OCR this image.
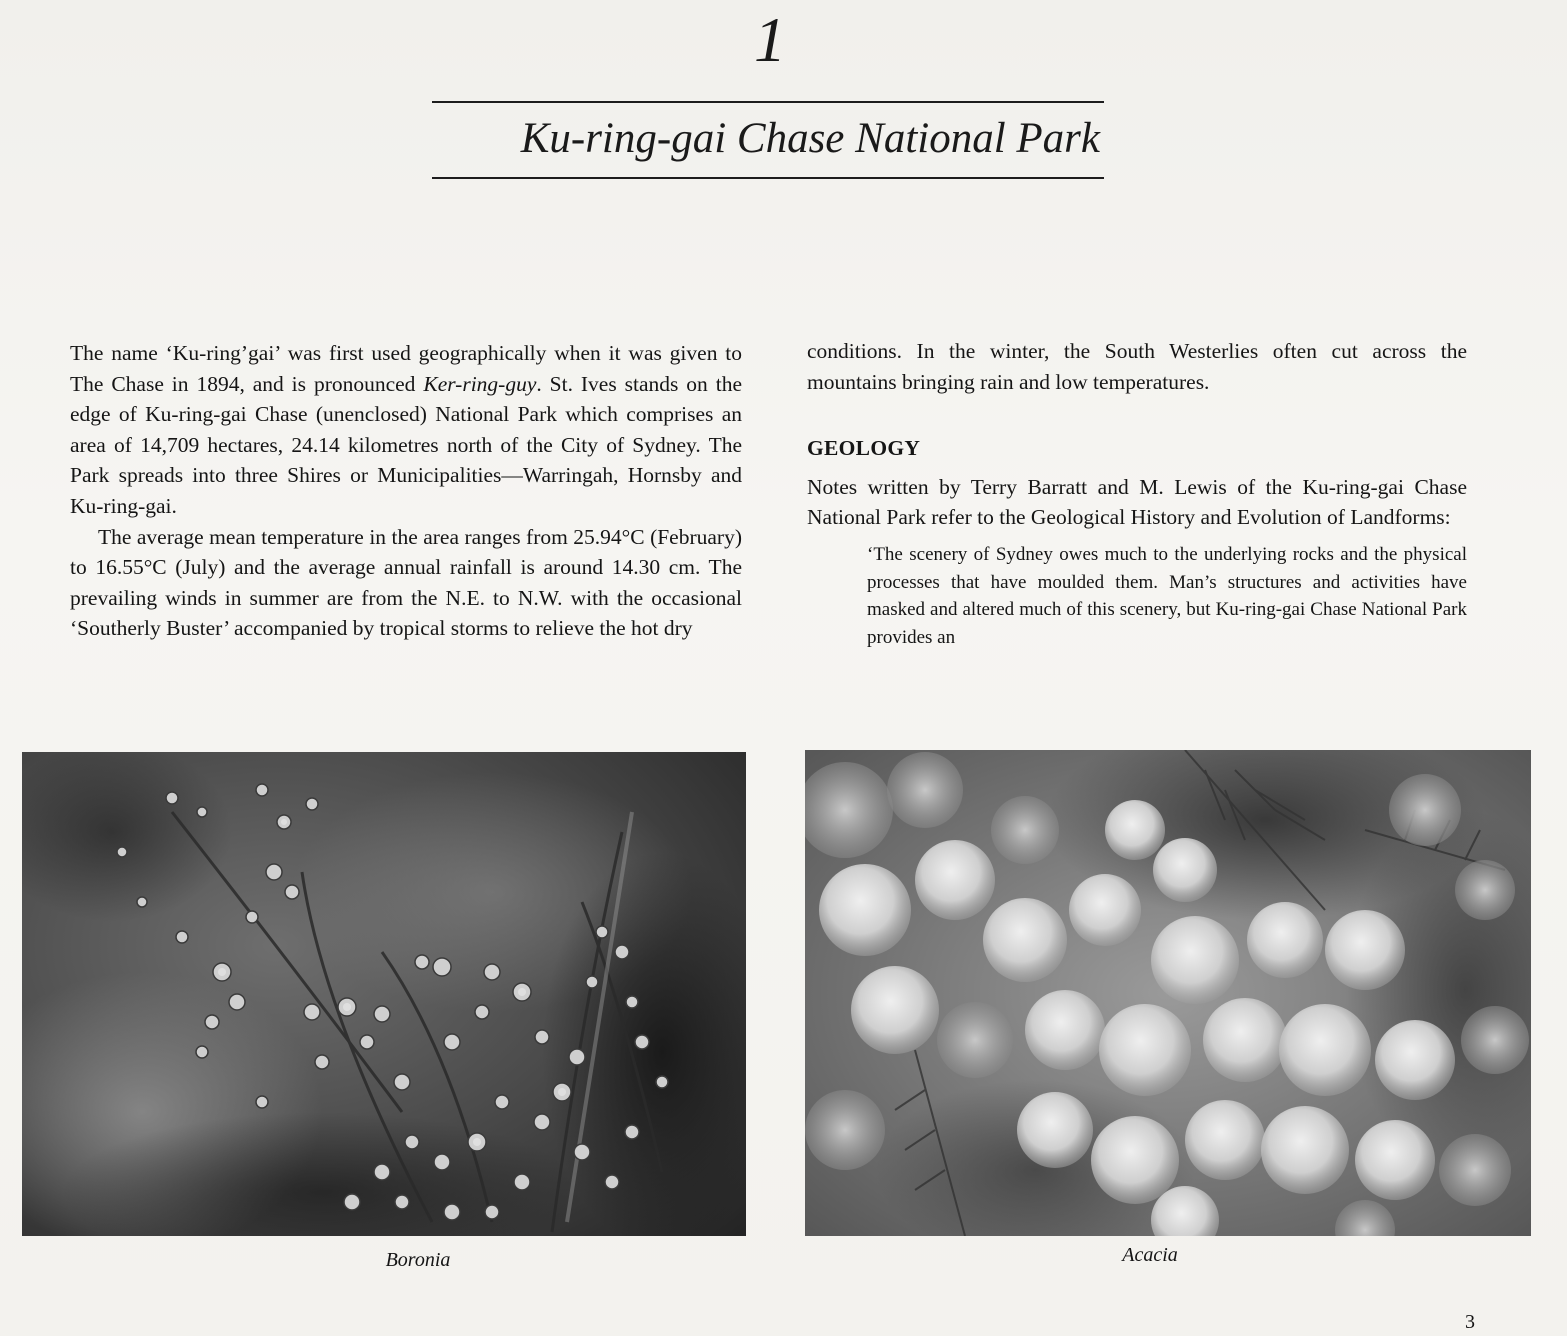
1
Ku-ring-gai Chase National Park

The name ‘Ku-ring’gai’ was first used geographically when it was given to The Chase in 1894, and is pronounced Ker-ring-guy. St. Ives stands on the edge of Ku-ring-gai Chase (unenclosed) National Park which comprises an area of 14,709 hectares, 24.14 kilometres north of the City of Sydney. The Park spreads into three Shires or Municipalities—Warringah, Hornsby and Ku-ring-gai.

The average mean temperature in the area ranges from 25.94°C (February) to 16.55°C (July) and the average annual rainfall is around 14.30 cm. The prevailing winds in summer are from the N.E. to N.W. with the occasional ‘Southerly Buster’ accompanied by tropical storms to relieve the hot dry

conditions. In the winter, the South Westerlies often cut across the mountains bringing rain and low temperatures.

GEOLOGY

Notes written by Terry Barratt and M. Lewis of the Ku-ring-gai Chase National Park refer to the Geological History and Evolution of Landforms:

‘The scenery of Sydney owes much to the underlying rocks and the physical processes that have moulded them. Man’s structures and activities have masked and altered much of this scenery, but Ku-ring-gai Chase National Park provides an

Boronia	Acacia
3
